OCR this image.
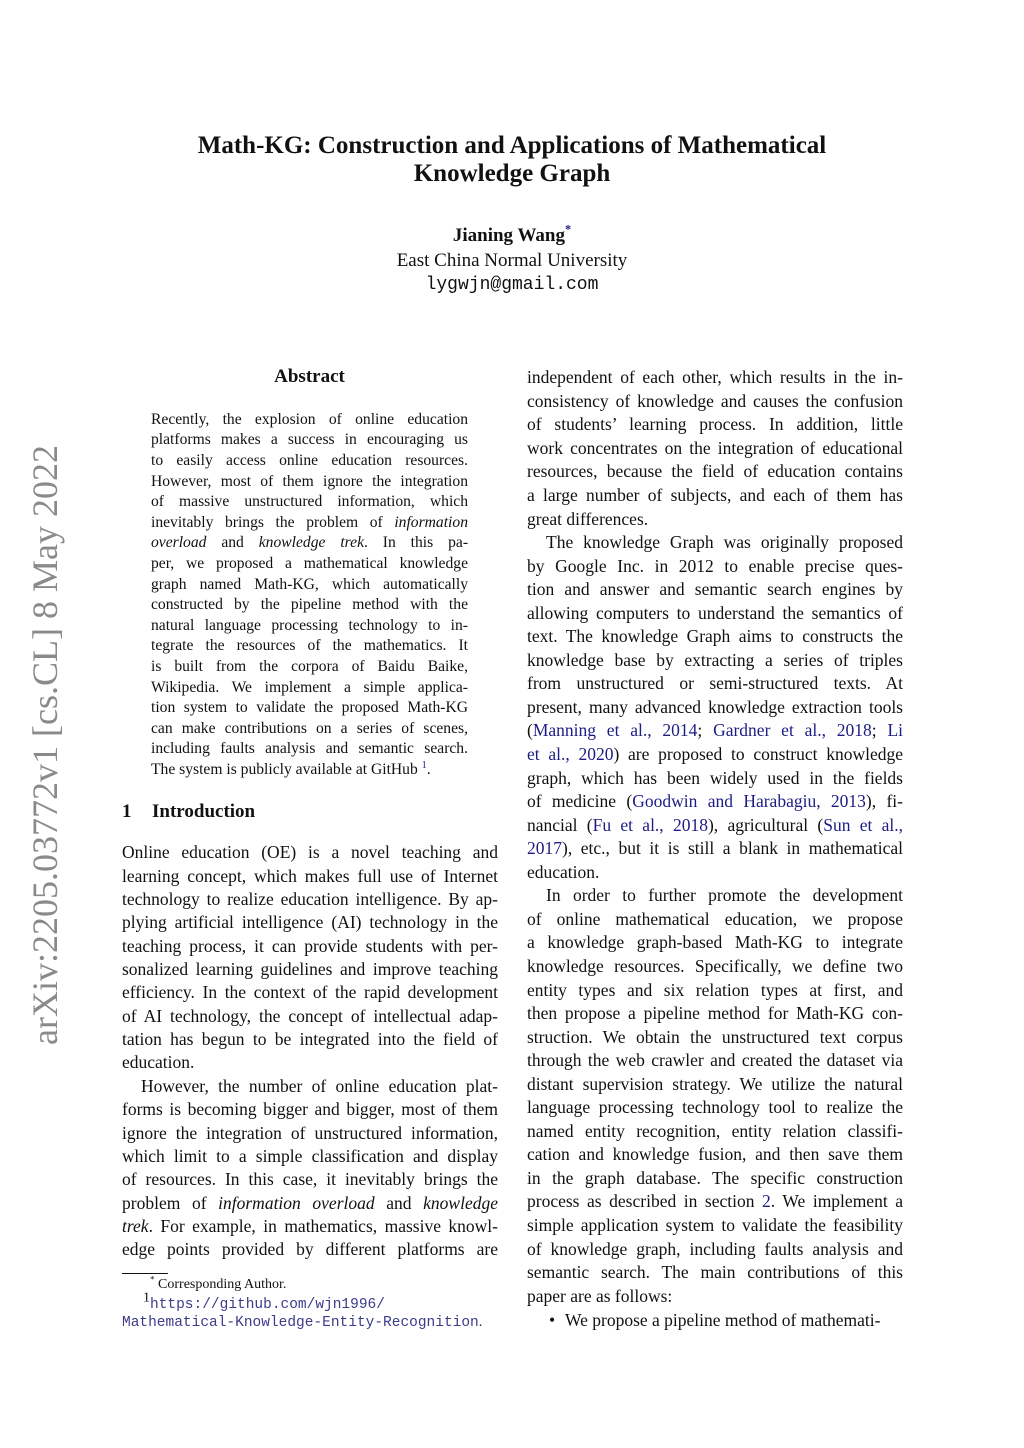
arXiv:2205.03772v1 [cs.CL] 8 May 2022
Math-KG: Construction and Applications of Mathematical
Knowledge Graph
Jianing Wang*
East China Normal University
lygwjn@gmail.com
Abstract
Recently, the explosion of online education
platforms makes a success in encouraging us
to easily access online education resources.
However, most of them ignore the integration
of massive unstructured information, which
inevitably brings the problem of information
overload and knowledge trek. In this pa-
per, we proposed a mathematical knowledge
graph named Math-KG, which automatically
constructed by the pipeline method with the
natural language processing technology to in-
tegrate the resources of the mathematics. It
is built from the corpora of Baidu Baike,
Wikipedia. We implement a simple applica-
tion system to validate the proposed Math-KG
can make contributions on a series of scenes,
including faults analysis and semantic search.
The system is publicly available at GitHub $^1$.
1 Introduction
Online education (OE) is a novel teaching and
learning concept, which makes full use of Internet
technology to realize education intelligence. By ap-
plying artificial intelligence (AI) technology in the
teaching process, it can provide students with per-
sonalized learning guidelines and improve teaching
efficiency. In the context of the rapid development
of AI technology, the concept of intellectual adap-
tation has begun to be integrated into the field of
education.
However, the number of online education plat-
forms is becoming bigger and bigger, most of them
ignore the integration of unstructured information,
which limit to a simple classification and display
of resources. In this case, it inevitably brings the
problem of information overload and knowledge
trek. For example, in mathematics, massive knowl-
edge points provided by different platforms are
independent of each other, which results in the in-
consistency of knowledge and causes the confusion
of students’ learning process. In addition, little
work concentrates on the integration of educational
resources, because the field of education contains
a large number of subjects, and each of them has
great differences.
The knowledge Graph was originally proposed
by Google Inc. in 2012 to enable precise ques-
tion and answer and semantic search engines by
allowing computers to understand the semantics of
text. The knowledge Graph aims to constructs the
knowledge base by extracting a series of triples
from unstructured or semi-structured texts. At
present, many advanced knowledge extraction tools
(Manning et al., 2014; Gardner et al., 2018; Li
et al., 2020) are proposed to construct knowledge
graph, which has been widely used in the fields
of medicine (Goodwin and Harabagiu, 2013), fi-
nancial (Fu et al., 2018), agricultural (Sun et al.,
2017), etc., but it is still a blank in mathematical
education.
In order to further promote the development
of online mathematical education, we propose
a knowledge graph-based Math-KG to integrate
knowledge resources. Specifically, we define two
entity types and six relation types at first, and
then propose a pipeline method for Math-KG con-
struction. We obtain the unstructured text corpus
through the web crawler and created the dataset via
distant supervision strategy. We utilize the natural
language processing technology tool to realize the
named entity recognition, entity relation classifi-
cation and knowledge fusion, and then save them
in the graph database. The specific construction
process as described in section 2. We implement a
simple application system to validate the feasibility
of knowledge graph, including faults analysis and
semantic search. The main contributions of this
paper are as follows:
• We propose a pipeline method of mathemati-
* Corresponding Author.
1https://github.com/wjn1996/
Mathematical-Knowledge-Entity-Recognition.
